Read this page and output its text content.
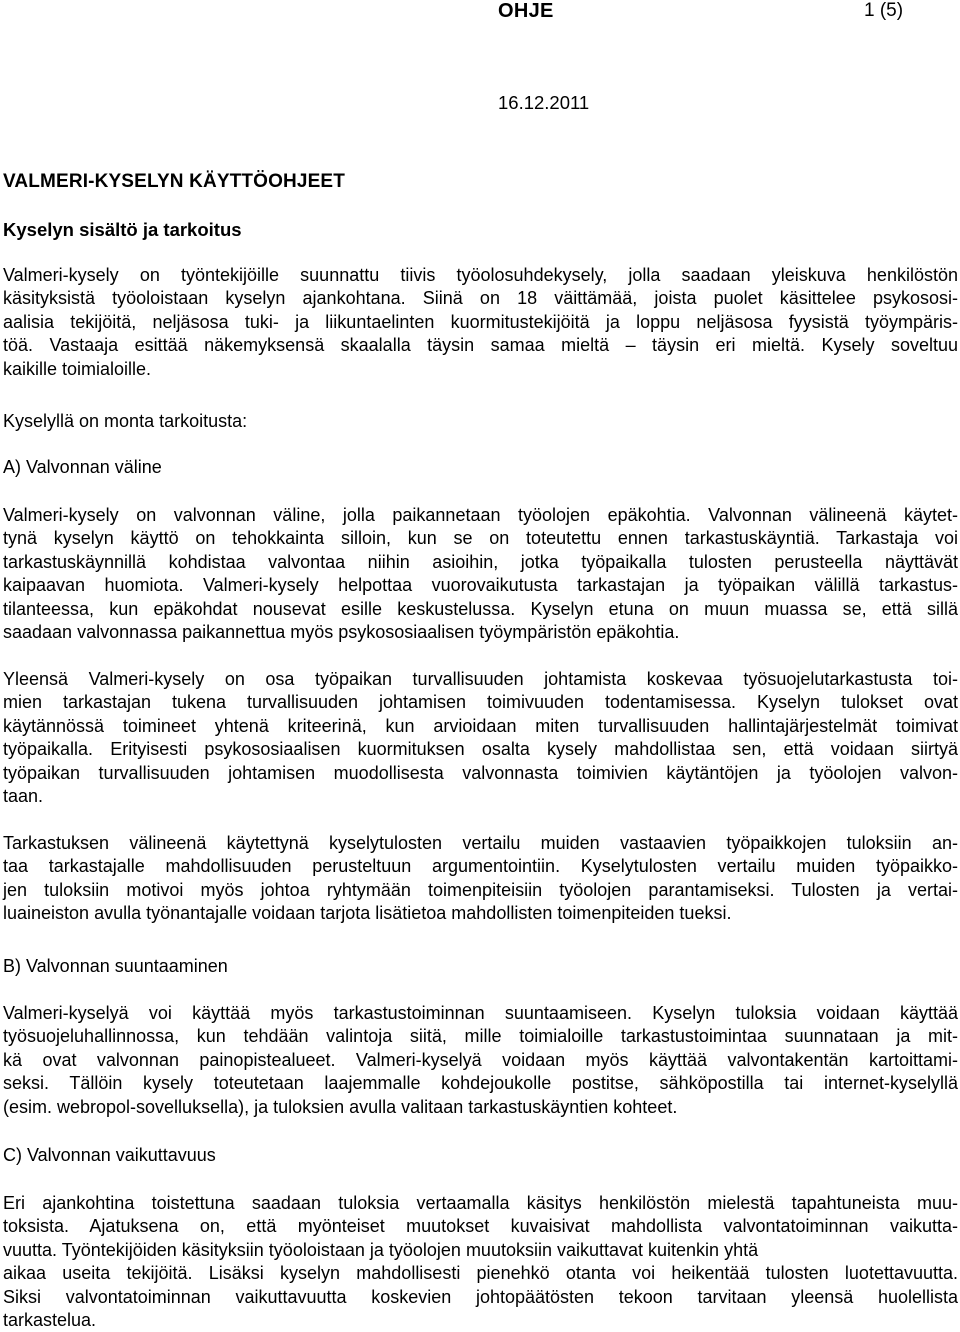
OHJE	1 (5)
16.12.2011
VALMERI-KYSELYN KÄYTTÖOHJEET
Kyselyn sisältö ja tarkoitus
Valmeri-kysely on työntekijöille suunnattu tiivis työolosuhdekysely, jolla saadaan yleiskuva henkilöstön
käsityksistä työoloistaan kyselyn ajankohtana. Siinä on 18 väittämää, joista puolet käsittelee psykososi-
aalisia tekijöitä, neljäsosa tuki- ja liikuntaelinten kuormitustekijöitä ja loppu neljäsosa fyysistä työympäris-
töä. Vastaaja esittää näkemyksensä skaalalla täysin samaa mieltä – täysin eri mieltä. Kysely soveltuu
kaikille toimialoille.
Kyselyllä on monta tarkoitusta:
A) Valvonnan väline
Valmeri-kysely on valvonnan väline, jolla paikannetaan työolojen epäkohtia. Valvonnan välineenä käytet-
tynä kyselyn käyttö on tehokkainta silloin, kun se on toteutettu ennen tarkastuskäyntiä. Tarkastaja voi
tarkastuskäynnillä kohdistaa valvontaa niihin asioihin, jotka työpaikalla tulosten perusteella näyttävät
kaipaavan huomiota. Valmeri-kysely helpottaa vuorovaikutusta tarkastajan ja työpaikan välillä tarkastus-
tilanteessa, kun epäkohdat nousevat esille keskustelussa. Kyselyn etuna on muun muassa se, että sillä
saadaan valvonnassa paikannettua myös psykososiaalisen työympäristön epäkohtia.
Yleensä Valmeri-kysely on osa työpaikan turvallisuuden johtamista koskevaa työsuojelutarkastusta toi-
mien tarkastajan tukena turvallisuuden johtamisen toimivuuden todentamisessa. Kyselyn tulokset ovat
käytännössä toimineet yhtenä kriteerinä, kun arvioidaan miten turvallisuuden hallintajärjestelmät toimivat
työpaikalla. Erityisesti psykososiaalisen kuormituksen osalta kysely mahdollistaa sen, että voidaan siirtyä
työpaikan turvallisuuden johtamisen muodollisesta valvonnasta toimivien käytäntöjen ja työolojen valvon-
taan.
Tarkastuksen välineenä käytettynä kyselytulosten vertailu muiden vastaavien työpaikkojen tuloksiin an-
taa tarkastajalle mahdollisuuden perusteltuun argumentointiin. Kyselytulosten vertailu muiden työpaikko-
jen tuloksiin motivoi myös johtoa ryhtymään toimenpiteisiin työolojen parantamiseksi. Tulosten ja vertai-
luaineiston avulla työnantajalle voidaan tarjota lisätietoa mahdollisten toimenpiteiden tueksi.
B) Valvonnan suuntaaminen
Valmeri-kyselyä voi käyttää myös tarkastustoiminnan suuntaamiseen. Kyselyn tuloksia voidaan käyttää
työsuojeluhallinnossa, kun tehdään valintoja siitä, mille toimialoille tarkastustoimintaa suunnataan ja mit-
kä ovat valvonnan painopistealueet. Valmeri-kyselyä voidaan myös käyttää valvontakentän kartoittami-
seksi. Tällöin kysely toteutetaan laajemmalle kohdejoukolle postitse, sähköpostilla tai internet-kyselyllä
(esim. webropol-sovelluksella), ja tuloksien avulla valitaan tarkastuskäyntien kohteet.
C) Valvonnan vaikuttavuus
Eri ajankohtina toistettuna saadaan tuloksia vertaamalla käsitys henkilöstön mielestä tapahtuneista muu-
toksista. Ajatuksena on, että myönteiset muutokset kuvaisivat mahdollista valvontatoiminnan vaikutta-
vuutta. Työntekijöiden käsityksiin työoloistaan ja työolojen muutoksiin vaikuttavat kuitenkin yhtä
aikaa useita tekijöitä. Lisäksi kyselyn mahdollisesti pienehkö otanta voi heikentää tulosten luotettavuutta.
Siksi valvontatoiminnan vaikuttavuutta koskevien johtopäätösten tekoon tarvitaan yleensä huolellista
tarkastelua.
